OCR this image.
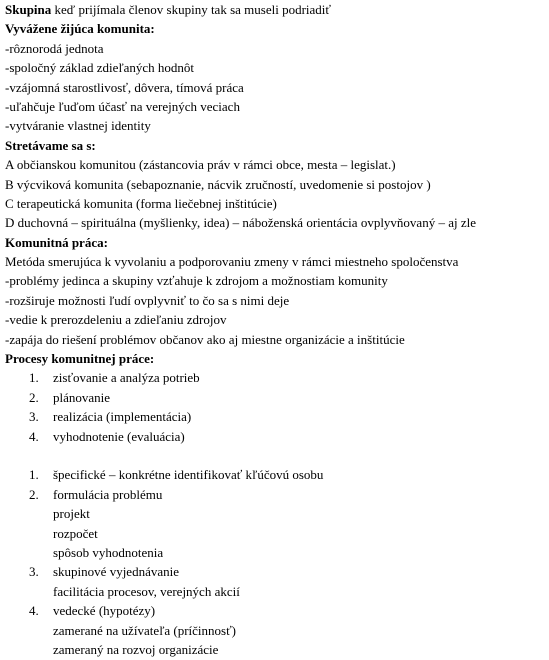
Skupina keď prijímala členov skupiny tak sa museli podriadiť
Vyvážene žijúca komunita:
-rôznorodá jednota
-spoločný základ zdieľaných hodnôt
-vzájomná starostlivosť, dôvera, tímová práca
-uľahčuje ľuďom účasť na verejných veciach
-vytváranie vlastnej identity
Stretávame sa s:
A občianskou komunitou (zástancovia práv v rámci obce, mesta – legislat.)
B výcviková komunita (sebapoznanie, nácvik zručností, uvedomenie si postojov )
C terapeutická komunita (forma liečebnej inštitúcie)
D duchovná – spirituálna (myšlienky, idea) – náboženská orientácia ovplyvňovaný – aj zle
Komunitná práca:
Metóda smerujúca k vyvolaniu a podporovaniu zmeny v rámci miestneho spoločenstva
-problémy jedinca a skupiny vzťahuje k zdrojom a možnostiam komunity
-rozširuje možnosti ľudí ovplyvniť to čo sa s nimi deje
-vedie k prerozdeleniu a zdieľaniu zdrojov
-zapája do riešení problémov občanov ako aj miestne organizácie a inštitúcie
Procesy komunitnej práce:
1. zisťovanie a analýza potrieb
2. plánovanie
3. realizácia (implementácia)
4. vyhodnotenie (evaluácia)
1. špecifické – konkrétne identifikovať kľúčovú osobu
2. formulácia problému
projekt
rozpočet
spôsob vyhodnotenia
3. skupinové vyjednávanie
facilitácia procesov, verejných akcií
4. vedecké (hypotézy)
zamerané na užívateľa (príčinnosť)
zameraný na rozvoj organizácie
